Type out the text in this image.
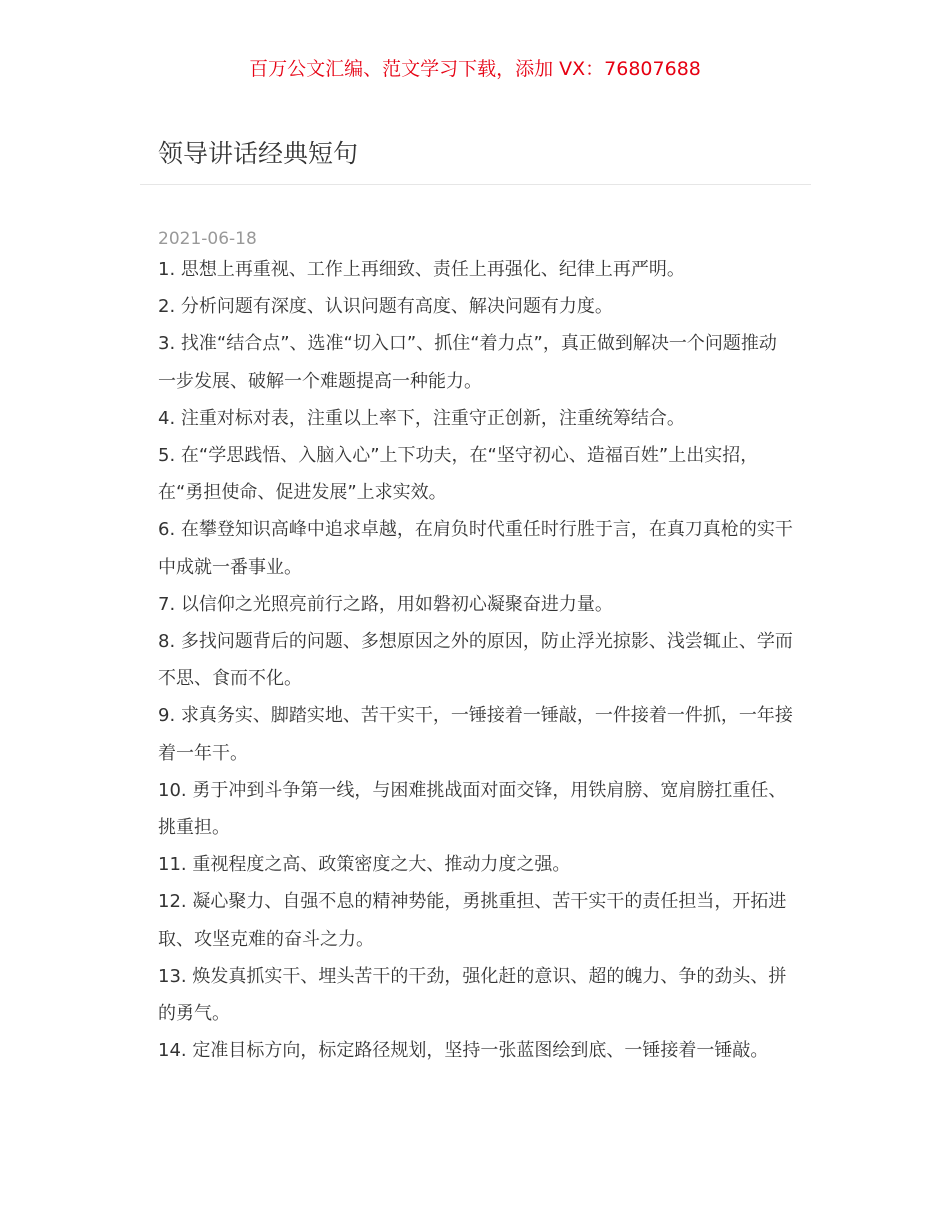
百万公文汇编、范文学习下载，添加 VX：76807688
领导讲话经典短句
2021-06-18
1. 思想上再重视、工作上再细致、责任上再强化、纪律上再严明。
2. 分析问题有深度、认识问题有高度、解决问题有力度。
3. 找准“结合点”、选准“切入口”、抓住“着力点”，真正做到解决一个问题推动一步发展、破解一个难题提高一种能力。
4. 注重对标对表，注重以上率下，注重守正创新，注重统筹结合。
5. 在“学思践悟、入脑入心”上下功夫，在“坚守初心、造福百姓”上出实招，在“勇担使命、促进发展”上求实效。
6. 在攀登知识高峰中追求卓越，在肩负时代重任时行胜于言，在真刀真枪的实干中成就一番事业。
7. 以信仰之光照亮前行之路，用如磐初心凝聚奋进力量。
8. 多找问题背后的问题、多想原因之外的原因，防止浮光掠影、浅尝辄止、学而不思、食而不化。
9. 求真务实、脚踏实地、苦干实干，一锤接着一锤敲，一件接着一件抓，一年接着一年干。
10. 勇于冲到斗争第一线，与困难挑战面对面交锋，用铁肩膀、宽肩膀扛重任、挑重担。
11. 重视程度之高、政策密度之大、推动力度之强。
12. 凝心聚力、自强不息的精神势能，勇挑重担、苦干实干的责任担当，开拓进取、攻坚克难的奋斗之力。
13. 焕发真抓实干、埋头苦干的干劲，强化赶的意识、超的魄力、争的劲头、拼的勇气。
14. 定准目标方向，标定路径规划，坚持一张蓝图绘到底、一锤接着一锤敲。
